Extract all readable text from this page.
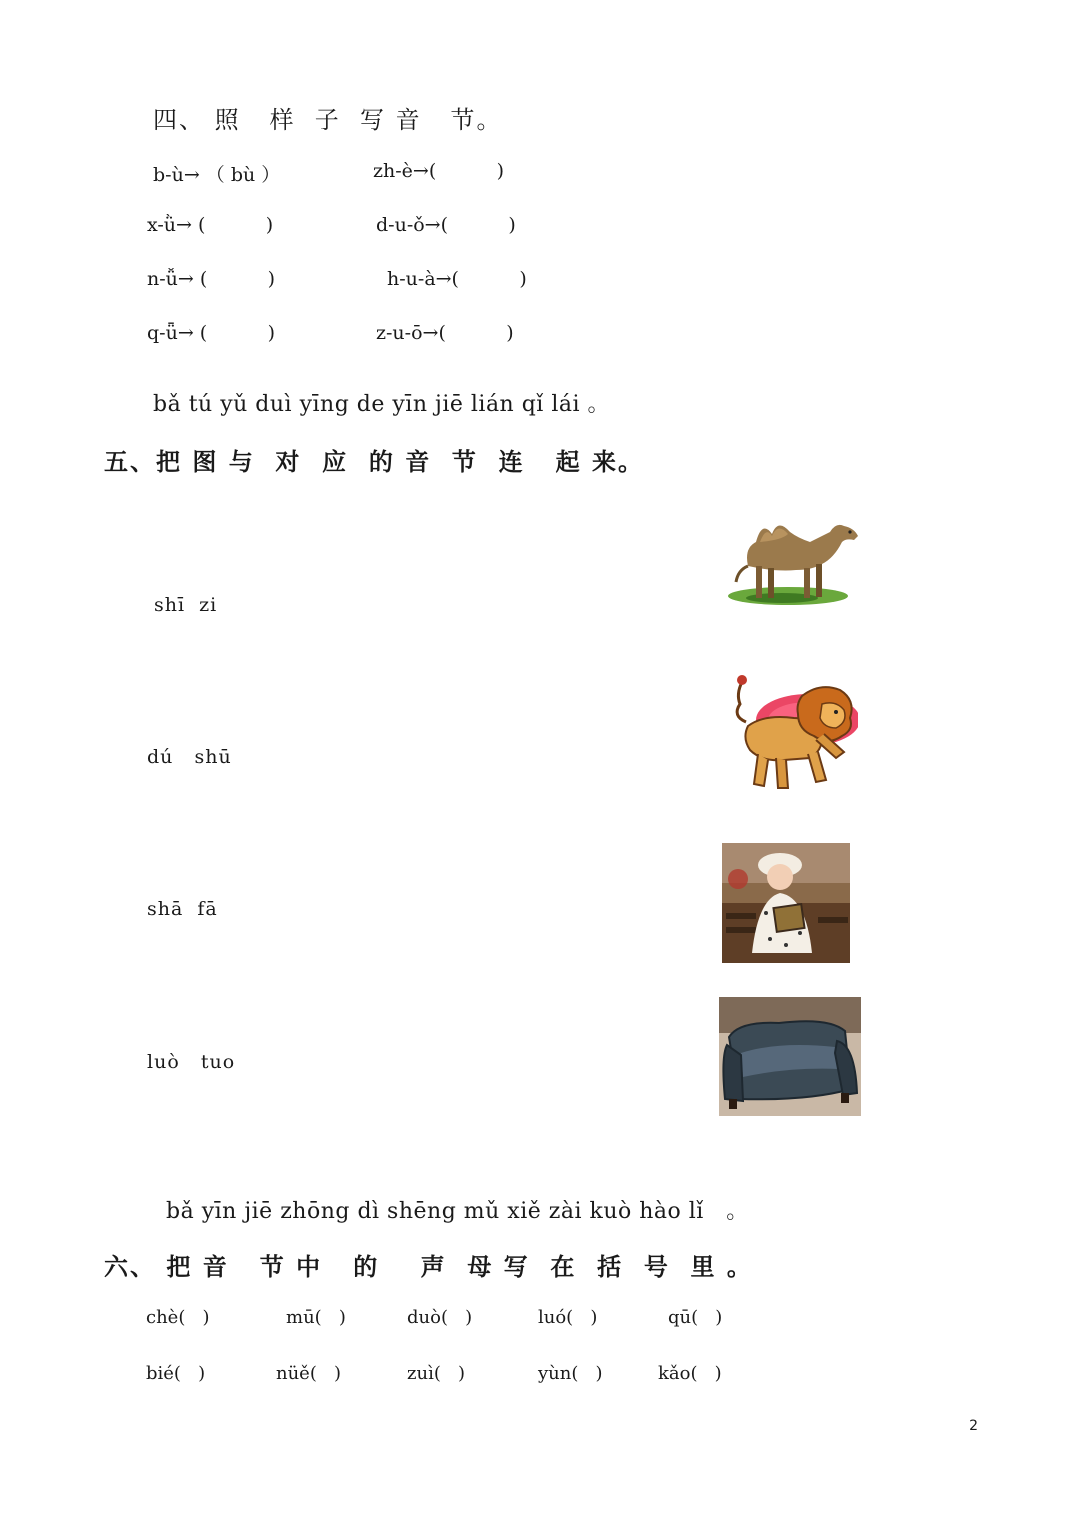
四、 照   样  子  写 音   节。
b-ù→ （ bù ）	zh-è→(          )
x-ǜ→ (          )	d-u-ǒ→(          )
n-ǚ→ (          )	h-u-à→(          )
q-ǖ→ (          )	z-u-ō→(          )
bǎ tú yǔ duì yīng de yīn jiē lián qǐ lái 。
五、把 图 与  对  应  的 音  节  连   起 来。
shī  zi
dú   shū
shā  fā
luò   tuo
bǎ yīn jiē zhōng dì shēng mǔ xiě zài kuò hào lǐ   。
六、 把 音   节 中   的    声  母 写  在  括  号  里 。
chè(   )	mū(   )	duò(   )	luó(   )	qū(   )
bié(   )	nüě(   )	zuì(   )	yùn(   )	kǎo(   )
2
